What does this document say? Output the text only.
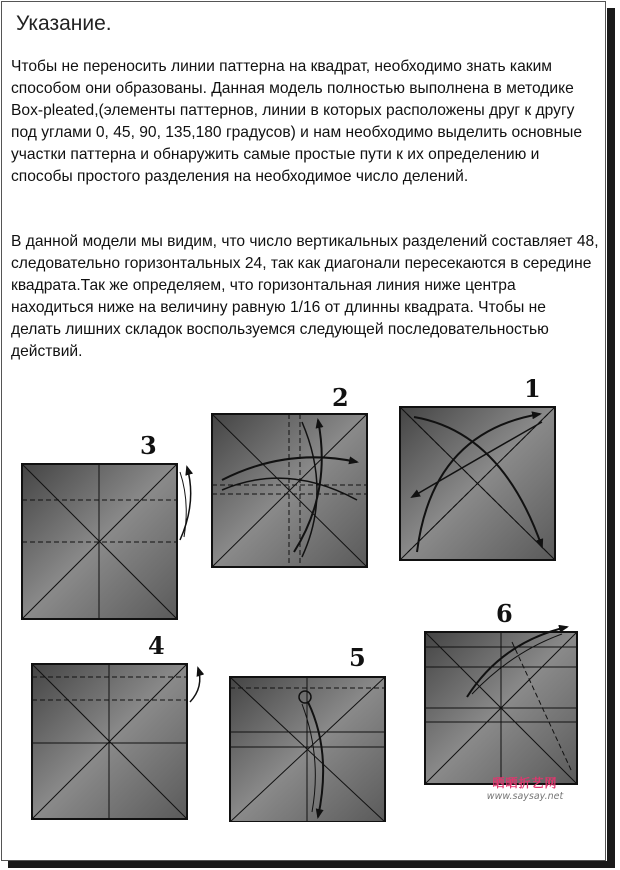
Указание.

Чтобы не переносить линии паттерна на квадрат, необходимо знать каким способом они образованы. Данная модель полностью выполнена в методике Box-pleated,(элементы паттернов, линии в которых расположены друг к другу под углами 0, 45, 90, 135,180 градусов) и нам необходимо выделить основные участки паттерна и обнаружить самые простые пути к их определению и способы простого разделения на необходимое число делений.

В данной модели мы видим, что число вертикальных разделений составляет 48, следовательно горизонтальных 24, так как диагонали пересекаются в середине квадрата.Так же определяем, что горизонтальная линия ниже центра находиться ниже на величину равную 1/16 от длинны квадрата. Чтобы не делать лишних складок воспользуемся следующей последовательностью действий.

1
2
3
4	5
6
晒晒折艺网
www.saysay.net
